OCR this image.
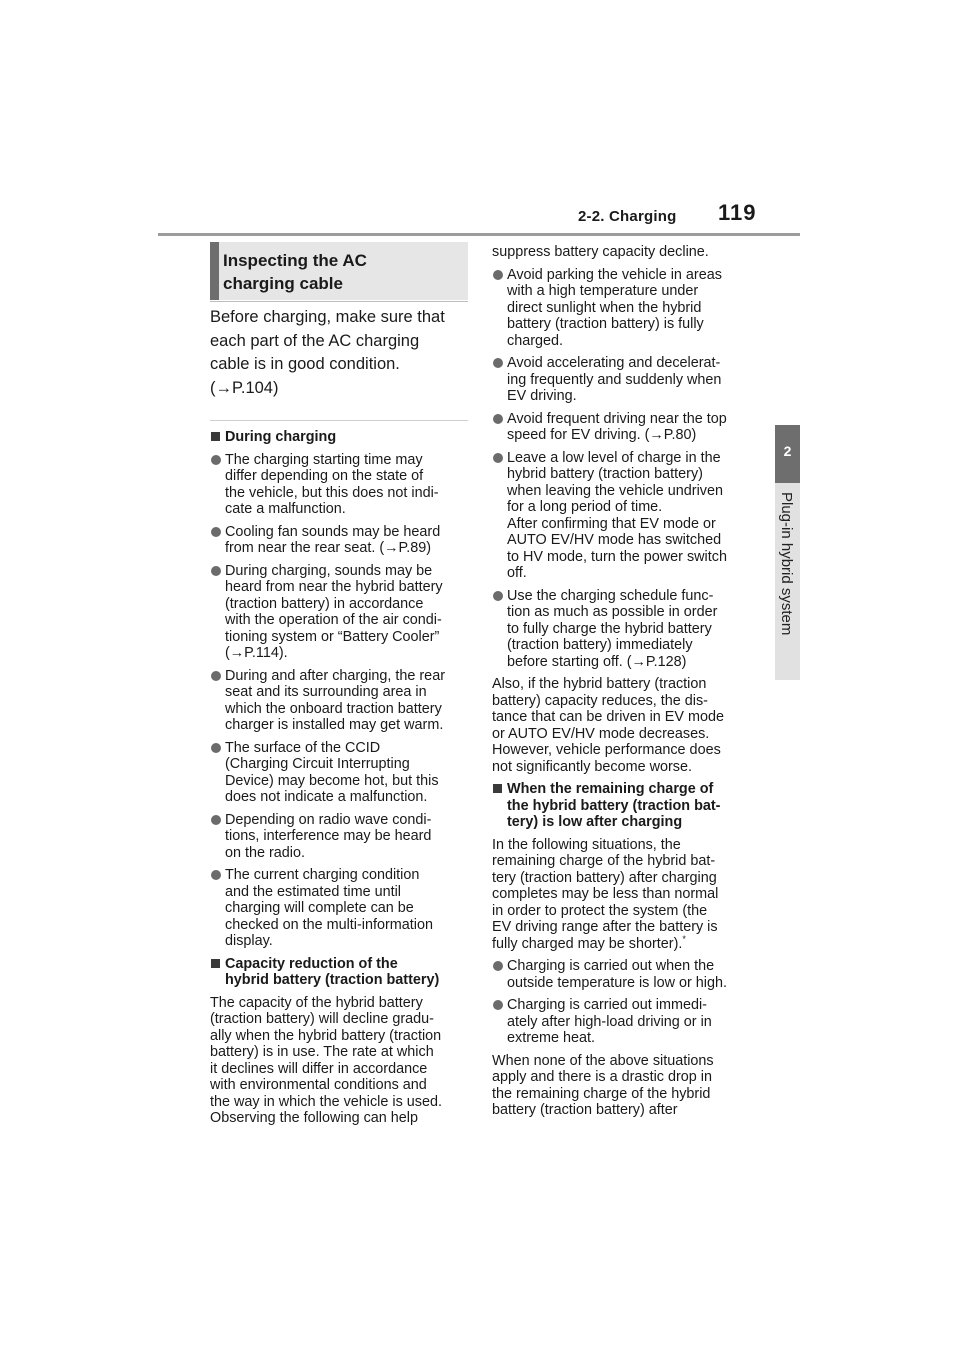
2-2. Charging 119
2
Plug-in hybrid system
Inspecting the AC
charging cable
Before charging, make sure that
each part of the AC charging
cable is in good condition.
(→P.104)
During charging
The charging starting time may
differ depending on the state of
the vehicle, but this does not indi-
cate a malfunction.
Cooling fan sounds may be heard
from near the rear seat. (→P.89)
During charging, sounds may be
heard from near the hybrid battery
(traction battery) in accordance
with the operation of the air condi-
tioning system or “Battery Cooler”
(→P.114).
During and after charging, the rear
seat and its surrounding area in
which the onboard traction battery
charger is installed may get warm.
The surface of the CCID
(Charging Circuit Interrupting
Device) may become hot, but this
does not indicate a malfunction.
Depending on radio wave condi-
tions, interference may be heard
on the radio.
The current charging condition
and the estimated time until
charging will complete can be
checked on the multi-information
display.
Capacity reduction of the
hybrid battery (traction battery)
The capacity of the hybrid battery
(traction battery) will decline gradu-
ally when the hybrid battery (traction
battery) is in use. The rate at which
it declines will differ in accordance
with environmental conditions and
the way in which the vehicle is used.
Observing the following can help
suppress battery capacity decline.
Avoid parking the vehicle in areas
with a high temperature under
direct sunlight when the hybrid
battery (traction battery) is fully
charged.
Avoid accelerating and decelerat-
ing frequently and suddenly when
EV driving.
Avoid frequent driving near the top
speed for EV driving. (→P.80)
Leave a low level of charge in the
hybrid battery (traction battery)
when leaving the vehicle undriven
for a long period of time.
After confirming that EV mode or
AUTO EV/HV mode has switched
to HV mode, turn the power switch
off.
Use the charging schedule func-
tion as much as possible in order
to fully charge the hybrid battery
(traction battery) immediately
before starting off. (→P.128)
Also, if the hybrid battery (traction
battery) capacity reduces, the dis-
tance that can be driven in EV mode
or AUTO EV/HV mode decreases.
However, vehicle performance does
not significantly become worse.
When the remaining charge of
the hybrid battery (traction bat-
tery) is low after charging
In the following situations, the
remaining charge of the hybrid bat-
tery (traction battery) after charging
completes may be less than normal
in order to protect the system (the
EV driving range after the battery is
fully charged may be shorter).*
Charging is carried out when the
outside temperature is low or high.
Charging is carried out immedi-
ately after high-load driving or in
extreme heat.
When none of the above situations
apply and there is a drastic drop in
the remaining charge of the hybrid
battery (traction battery) after
